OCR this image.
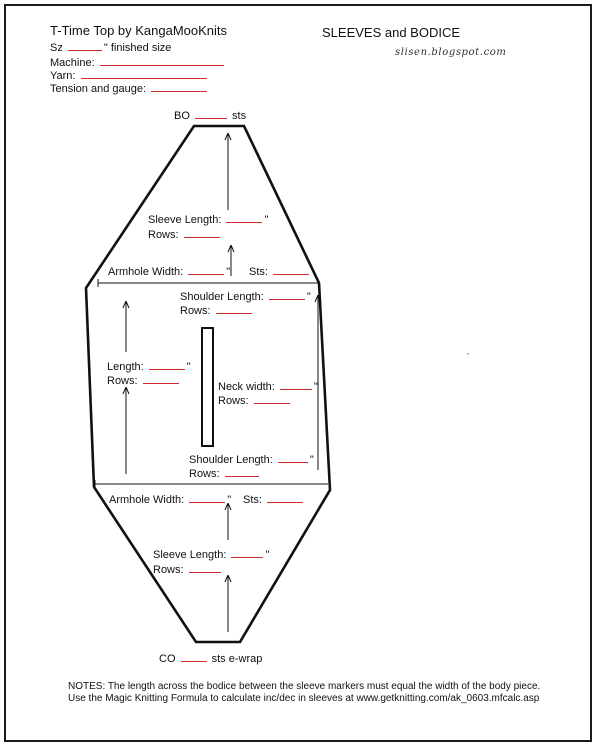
T-Time Top by KangaMooKnits	SLEEVES and BODICE
slisen.blogspot.com
Sz	" finished size
Machine:
Yarn:
Tension and gauge:
BO	sts
Sleeve Length:	"
Rows:
Armhole Width:	" Sts:
Shoulder Length:	"
Rows:
Length:	"
Rows:	Neck width:	"
Rows:
Shoulder Length:	"
Rows:
Armhole Width:	" Sts:
Sleeve Length:	"
Rows:
CO	sts e-wrap
NOTES: The length across the bodice between the sleeve markers must equal the width of the body piece.
Use the Magic Knitting Formula to calculate inc/dec in sleeves at www.getknitting.com/ak_0603.mfcalc.asp
